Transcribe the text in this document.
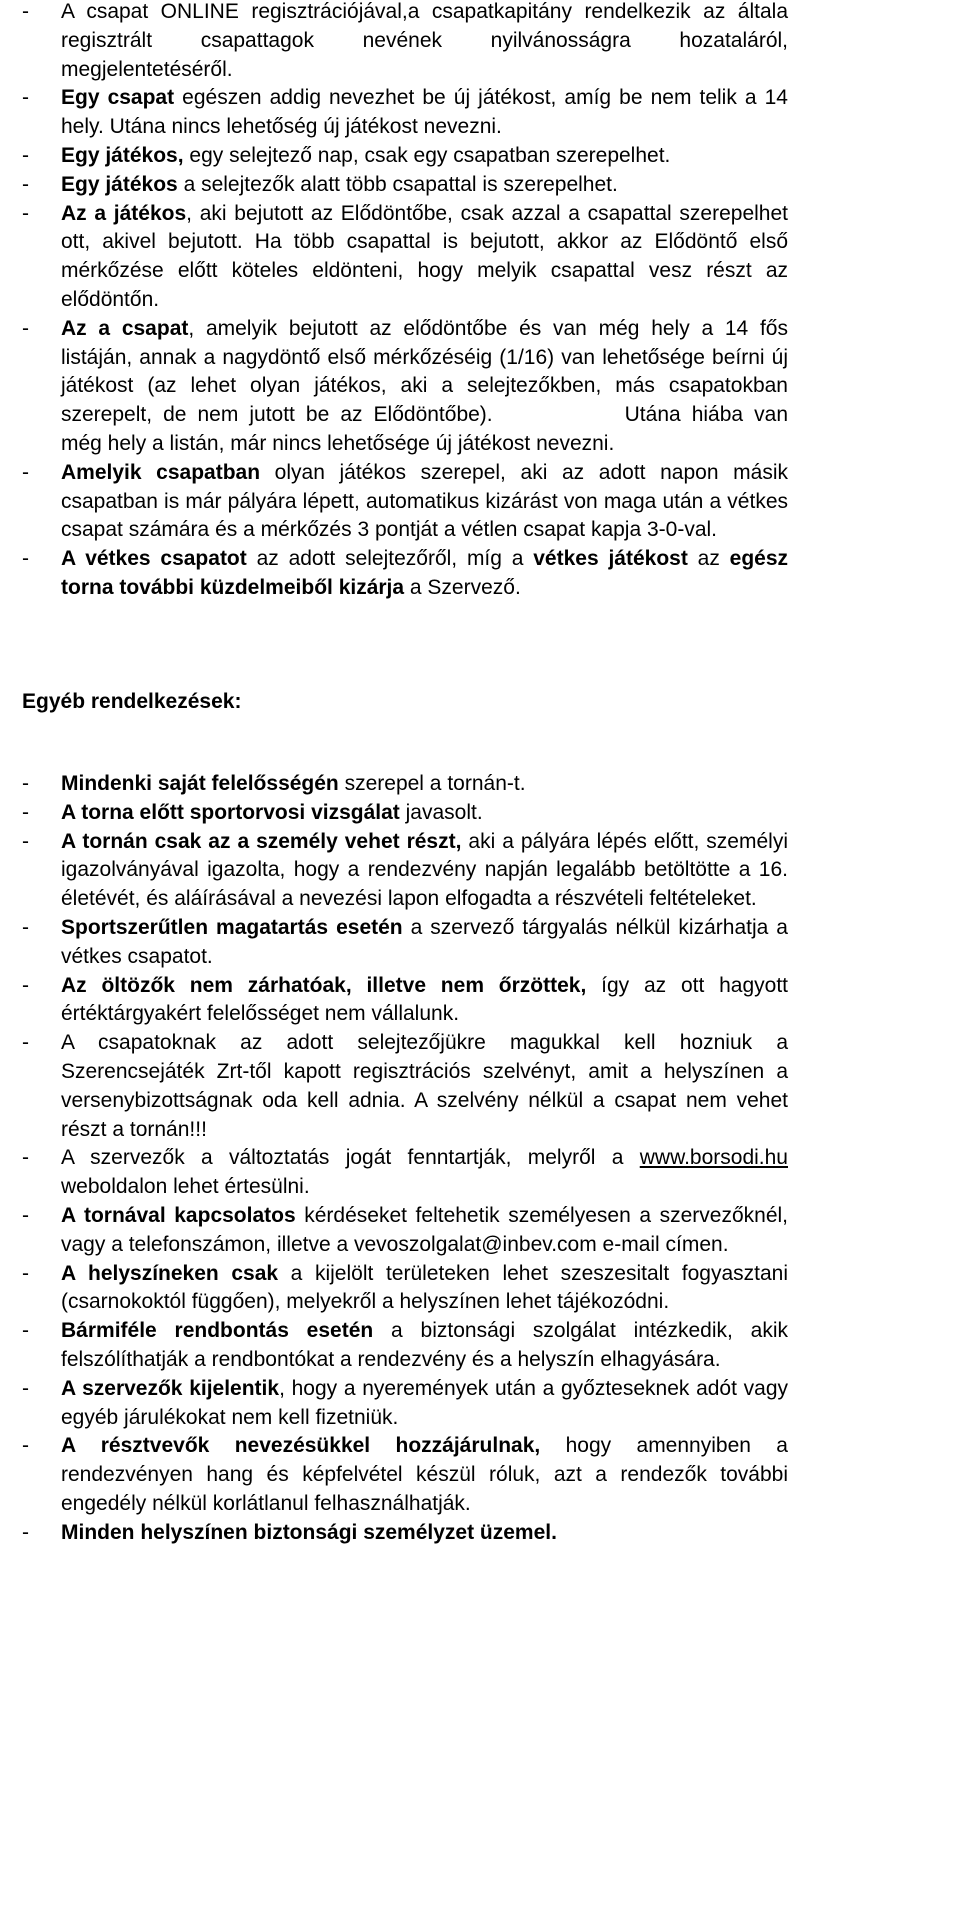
- A csapat ONLINE regisztrációjával,a csapatkapitány rendelkezik az általa regisztrált csapattagok nevének nyilvánosságra hozataláról, megjelentetéséről.
- Egy csapat egészen addig nevezhet be új játékost, amíg be nem telik a 14 hely. Utána nincs lehetőség új játékost nevezni.
- Egy játékos, egy selejtező nap, csak egy csapatban szerepelhet.
- Egy játékos a selejtezők alatt több csapattal is szerepelhet.
- Az a játékos, aki bejutott az Elődöntőbe, csak azzal a csapattal szerepelhet ott, akivel bejutott. Ha több csapattal is bejutott, akkor az Elődöntő első mérkőzése előtt köteles eldönteni, hogy melyik csapattal vesz részt az elődöntőn.
- Az a csapat, amelyik bejutott az elődöntőbe és van még hely a 14 fős listáján, annak a nagydöntő első mérkőzéséig (1/16) van lehetősége beírni új játékost (az lehet olyan játékos, aki a selejtezőkben, más csapatokban szerepelt, de nem jutott be az Elődöntőbe).	Utána hiába van még hely a listán, már nincs lehetősége új játékost nevezni.
- Amelyik csapatban olyan játékos szerepel, aki az adott napon másik csapatban is már pályára lépett, automatikus kizárást von maga után a vétkes csapat számára és a mérkőzés 3 pontját a vétlen csapat kapja 3-0-val.
- A vétkes csapatot az adott selejtezőről, míg a vétkes játékost az egész torna további küzdelmeiből kizárja a Szervező.
Egyéb rendelkezések:
- Mindenki saját felelősségén szerepel a tornán-t.
- A torna előtt sportorvosi vizsgálat javasolt.
- A tornán csak az a személy vehet részt, aki a pályára lépés előtt, személyi igazolványával igazolta, hogy a rendezvény napján legalább betöltötte a 16. életévét, és aláírásával a nevezési lapon elfogadta a részvételi feltételeket.
- Sportszerűtlen magatartás esetén a szervező tárgyalás nélkül kizárhatja a vétkes csapatot.
- Az öltözők nem zárhatóak, illetve nem őrzöttek, így az ott hagyott értéktárgyakért felelősséget nem vállalunk.
- A csapatoknak az adott selejtezőjükre magukkal kell hozniuk a Szerencsejáték Zrt-től kapott regisztrációs szelvényt, amit a helyszínen a versenybizottságnak oda kell adnia. A szelvény nélkül a csapat nem vehet részt a tornán!!!
- A szervezők a változtatás jogát fenntartják, melyről a www.borsodi.hu weboldalon lehet értesülni.
- A tornával kapcsolatos kérdéseket feltehetik személyesen a szervezőknél, vagy a telefonszámon, illetve a vevoszolgalat@inbev.com e-mail címen.
- A helyszíneken csak a kijelölt területeken lehet szeszesitalt fogyasztani (csarnokoktól függően), melyekről a helyszínen lehet tájékozódni.
- Bármiféle rendbontás esetén a biztonsági szolgálat intézkedik, akik felszólíthatják a rendbontókat a rendezvény és a helyszín elhagyására.
- A szervezők kijelentik, hogy a nyeremények után a győzteseknek adót vagy egyéb járulékokat nem kell fizetniük.
- A résztvevők nevezésükkel hozzájárulnak, hogy amennyiben a rendezvényen hang és képfelvétel készül róluk, azt a rendezők további engedély nélkül korlátlanul felhasználhatják.
- Minden helyszínen biztonsági személyzet üzemel.
